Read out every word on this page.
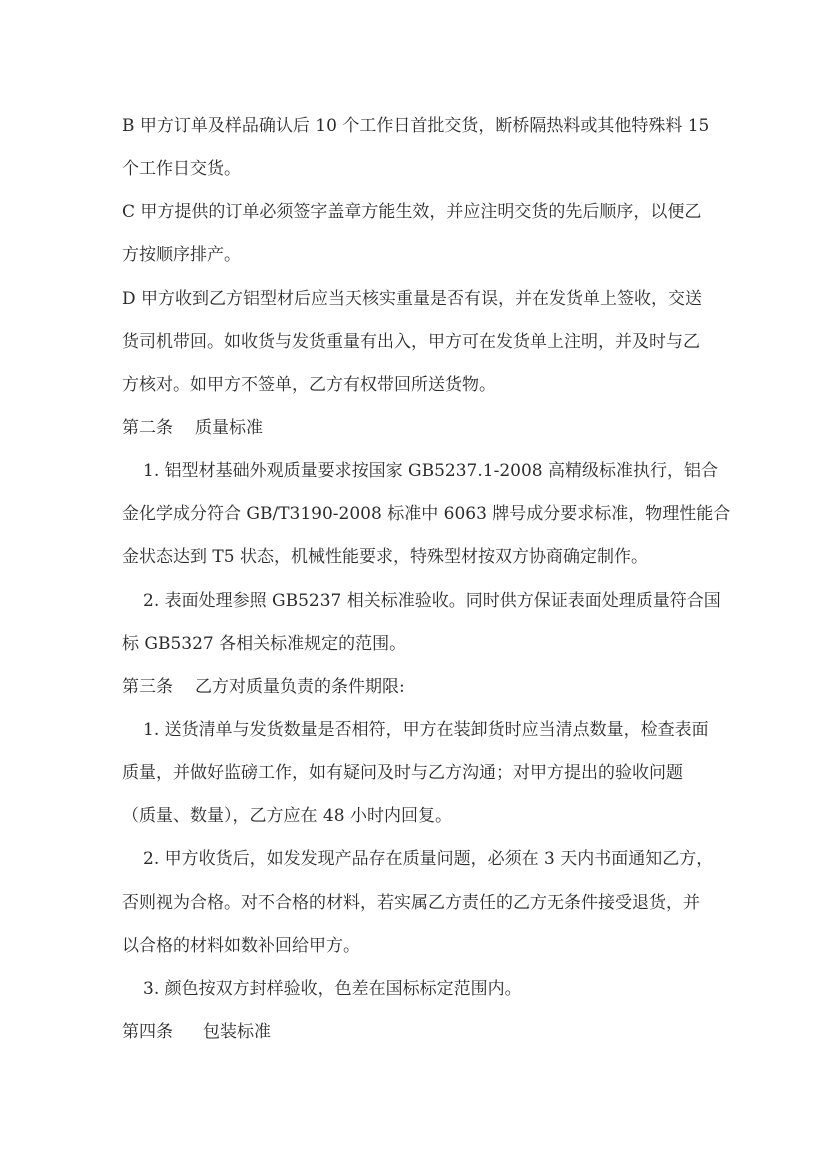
B 甲方订单及样品确认后 10 个工作日首批交货，断桥隔热料或其他特殊料 15
个工作日交货。
C 甲方提供的订单必须签字盖章方能生效，并应注明交货的先后顺序，以便乙
方按顺序排产。
D 甲方收到乙方铝型材后应当天核实重量是否有误，并在发货单上签收，交送
货司机带回。如收货与发货重量有出入，甲方可在发货单上注明，并及时与乙
方核对。如甲方不签单，乙方有权带回所送货物。
第二条 质量标准
1. 铝型材基础外观质量要求按国家 GB5237.1-2008 高精级标准执行，铝合
金化学成分符合 GB/T3190-2008 标准中 6063 牌号成分要求标准，物理性能合
金状态达到 T5 状态，机械性能要求，特殊型材按双方协商确定制作。
2. 表面处理参照 GB5237 相关标准验收。同时供方保证表面处理质量符合国
标 GB5327 各相关标准规定的范围。
第三条 乙方对质量负责的条件期限:
1. 送货清单与发货数量是否相符，甲方在装卸货时应当清点数量，检查表面
质量，并做好监磅工作，如有疑问及时与乙方沟通；对甲方提出的验收问题
（质量、数量），乙方应在 48 小时内回复。
2. 甲方收货后，如发发现产品存在质量问题，必须在 3 天内书面通知乙方，
否则视为合格。对不合格的材料，若实属乙方责任的乙方无条件接受退货，并
以合格的材料如数补回给甲方。
3. 颜色按双方封样验收，色差在国标标定范围内。
第四条 包装标准
